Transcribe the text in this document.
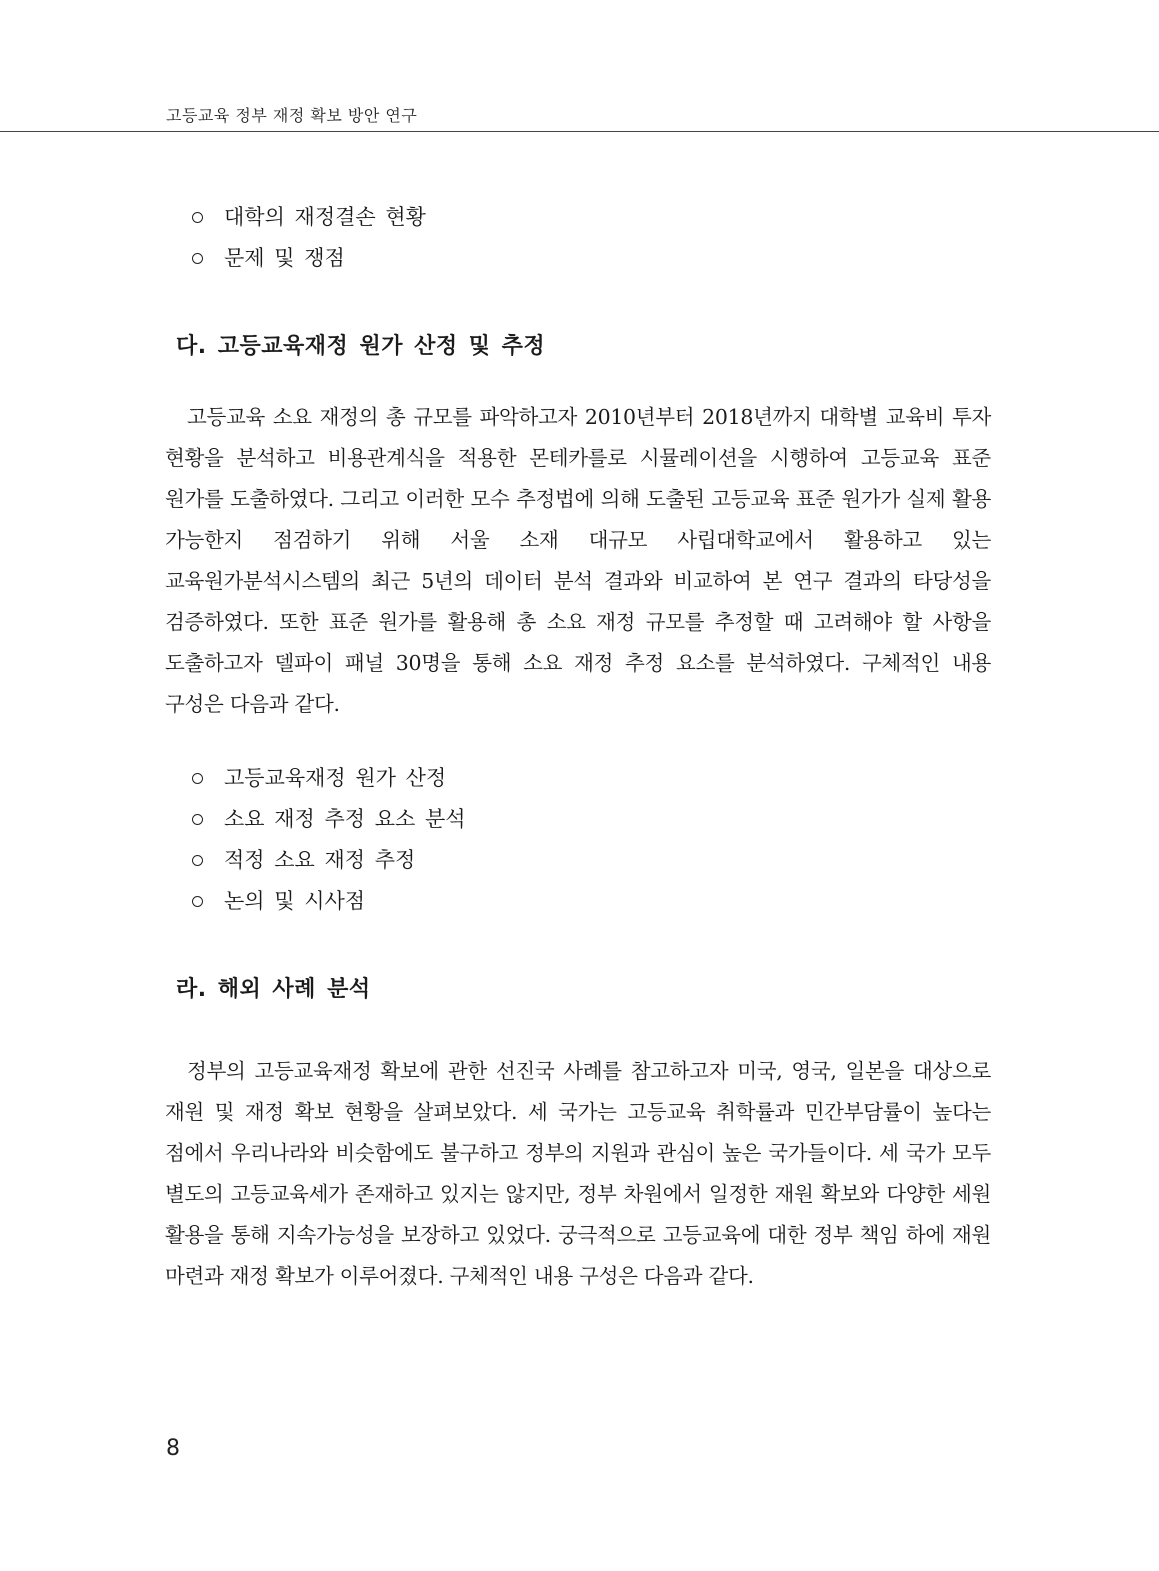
고등교육 정부 재정 확보 방안 연구
대학의 재정결손 현황
문제 및 쟁점
다. 고등교육재정 원가 산정 및 추정

고등교육 소요 재정의 총 규모를 파악하고자 2010년부터 2018년까지 대학별 교육비 투자 현황을 분석하고 비용관계식을 적용한 몬테카를로 시뮬레이션을 시행하여 고등교육 표준 원가를 도출하였다. 그리고 이러한 모수 추정법에 의해 도출된 고등교육 표준 원가가 실제 활용 가능한지 점검하기 위해 서울 소재 대규모 사립대학교에서 활용하고 있는 교육원가분석시스템의 최근 5년의 데이터 분석 결과와 비교하여 본 연구 결과의 타당성을 검증하였다. 또한 표준 원가를 활용해 총 소요 재정 규모를 추정할 때 고려해야 할 사항을 도출하고자 델파이 패널 30명을 통해 소요 재정 추정 요소를 분석하였다. 구체적인 내용 구성은 다음과 같다.

고등교육재정 원가 산정
소요 재정 추정 요소 분석
적정 소요 재정 추정
논의 및 시사점
라. 해외 사례 분석

정부의 고등교육재정 확보에 관한 선진국 사례를 참고하고자 미국, 영국, 일본을 대상으로 재원 및 재정 확보 현황을 살펴보았다. 세 국가는 고등교육 취학률과 민간부담률이 높다는 점에서 우리나라와 비슷함에도 불구하고 정부의 지원과 관심이 높은 국가들이다. 세 국가 모두 별도의 고등교육세가 존재하고 있지는 않지만, 정부 차원에서 일정한 재원 확보와 다양한 세원 활용을 통해 지속가능성을 보장하고 있었다. 궁극적으로 고등교육에 대한 정부 책임 하에 재원 마련과 재정 확보가 이루어졌다. 구체적인 내용 구성은 다음과 같다.

8
